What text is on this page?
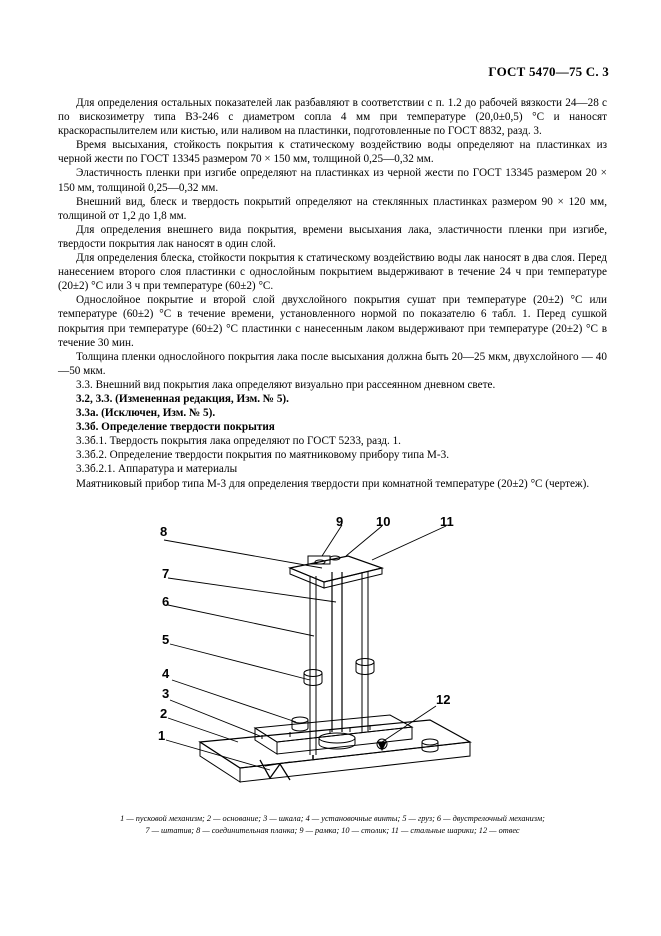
ГОСТ 5470—75 С. 3

Для определения остальных показателей лак разбавляют в соответствии с п. 1.2 до рабочей вязкости 24—28 с по вискозиметру типа ВЗ-246 с диаметром сопла 4 мм при температуре (20,0±0,5) °С и наносят краскораспылителем или кистью, или наливом на пластинки, подготовленные по ГОСТ 8832, разд. 3.

Время высыхания, стойкость покрытия к статическому воздействию воды определяют на пластинках из черной жести по ГОСТ 13345 размером 70 × 150 мм, толщиной 0,25—0,32 мм.

Эластичность пленки при изгибе определяют на пластинках из черной жести по ГОСТ 13345 размером 20 × 150 мм, толщиной 0,25—0,32 мм.

Внешний вид, блеск и твердость покрытий определяют на стеклянных пластинках размером 90 × 120 мм, толщиной от 1,2 до 1,8 мм.

Для определения внешнего вида покрытия, времени высыхания лака, эластичности пленки при изгибе, твердости покрытия лак наносят в один слой.

Для определения блеска, стойкости покрытия к статическому воздействию воды лак наносят в два слоя. Перед нанесением второго слоя пластинки с однослойным покрытием выдерживают в течение 24 ч при температуре (20±2) °С или 3 ч при температуре (60±2) °С.

Однослойное покрытие и второй слой двухслойного покрытия сушат при температуре (20±2) °С или температуре (60±2) °С в течение времени, установленного нормой по показателю 6 табл. 1. Перед сушкой покрытия при температуре (60±2) °С пластинки с нанесенным лаком выдерживают при температуре (20±2) °С в течение 30 мин.

Толщина пленки однослойного покрытия лака после высыхания должна быть 20—25 мкм, двухслойного — 40—50 мкм.

3.3. Внешний вид покрытия лака определяют визуально при рассеянном дневном свете.

3.2, 3.3. (Измененная редакция, Изм. № 5).

3.3а. (Исключен, Изм. № 5).

3.3б. Определение твердости покрытия

3.3б.1. Твердость покрытия лака определяют по ГОСТ 5233, разд. 1.

3.3б.2. Определение твердости покрытия по маятниковому прибору типа М-3.

3.3б.2.1. Аппаратура и материалы

Маятниковый прибор типа М-3 для определения твердости при комнатной температуре (20±2) °С (чертеж).

8
9	10	11
7
6
5
4
3
2
1
12
1 — пусковой механизм; 2 — основание; 3 — шкала; 4 — установочные винты; 5 — груз; 6 — двустрелочный механизм;
7 — штатив; 8 — соединительная планка; 9 — рамка; 10 — столик; 11 — стальные шарики; 12 — отвес
